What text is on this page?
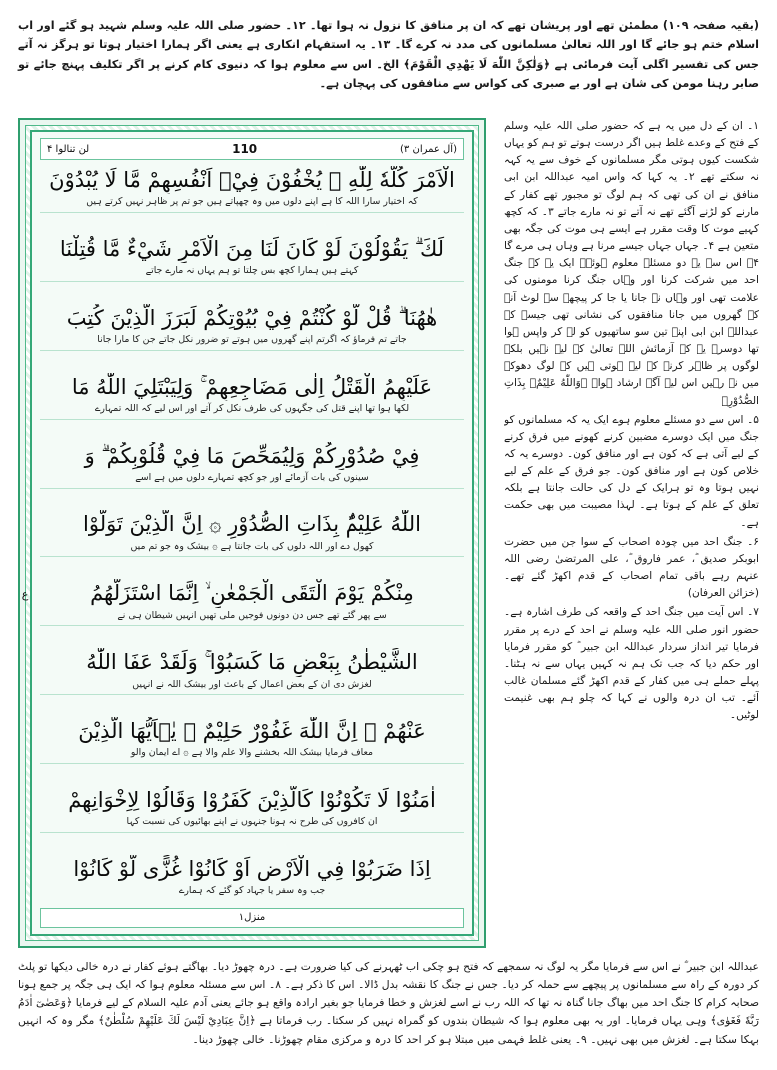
(بقیہ صفحہ ۱۰۹) مطمئن تھے اور پریشان تھے کہ ان پر منافق کا نزول نہ ہوا تھا۔ ۱۲۔ حضور صلی اللہ علیہ وسلم شہید ہو گئے اور اب اسلام ختم ہو جائے گا اور اللہ تعالیٰ مسلمانوں کی مدد نہ کرے گا۔ ۱۳۔ یہ استفہام انکاری ہے یعنی اگر ہمارا اختیار ہوتا تو ہرگز نہ آتے جس کی تفسیر اگلی آیت فرمائی ہے ﴿وَلٰكِنَّ اللّٰهَ لَا يَهْدِي الْقَوْمَ﴾ الخ۔ اس سے معلوم ہوا کہ دنیوی کام کرنے پر اگر تکلیف پہنچ جائے تو صابر رہنا مومن کی شان ہے اور بے صبری کی کواس سے منافقوں کی پہچان ہے۔
(آل عمران ۳)
110
لن تنالوا ۴
الْاَمْرَ كُلَّهٗ لِلّٰهِ ۗ يُخْفُوْنَ فِيْۤ اَنْفُسِهِمْ مَّا لَا يُبْدُوْنَ
کہ اختیار سارا اللہ کا ہے اپنے دلوں میں وہ چھپاتے ہیں جو تم پر ظاہر نہیں کرتے ہیں
لَكَ ۗ يَقُوْلُوْنَ لَوْ كَانَ لَنَا مِنَ الْاَمْرِ شَيْءٌ مَّا قُتِلْنَا
کہتے ہیں ہمارا کچھ بس چلتا تو ہم یہاں نہ مارے جاتے
هٰهُنَا ۗ قُلْ لَّوْ كُنْتُمْ فِيْ بُيُوْتِكُمْ لَبَرَزَ الَّذِيْنَ كُتِبَ
جاتے تم فرماؤ کہ اگرتم اپنے گھروں میں ہوتے تو ضرور نکل جاتے جن کا مارا جانا
عَلَيْهِمُ الْقَتْلُ اِلٰى مَضَاجِعِهِمْ ۚ وَلِيَبْتَلِيَ اللّٰهُ مَا
لکھا ہوا تھا اپنے قتل کی جگہوں کی طرف نکل کر آتے اور اس لیے کہ اللہ تمہارے
فِيْ صُدُوْرِكُمْ وَلِيُمَحِّصَ مَا فِيْ قُلُوْبِكُمْ ۗ وَ
سینوں کی بات آزمائے اور جو کچھ تمہارے دلوں میں ہے اسے
اللّٰهُ عَلِيْمٌۢ بِذَاتِ الصُّدُوْرِ ۞ اِنَّ الَّذِيْنَ تَوَلَّوْا
کھول دے اور اللہ دلوں کی بات جانتا ہے ۞ بیشک وہ جو تم میں
مِنْكُمْ يَوْمَ الْتَقَى الْجَمْعٰنِ ۙ اِنَّمَا اسْتَزَلَّهُمُ
سے پھر گئے تھے جس دن دونوں فوجیں ملی تھیں انہیں شیطان ہی نے
الشَّيْطٰنُ بِبَعْضِ مَا كَسَبُوْا ۚ وَلَقَدْ عَفَا اللّٰهُ
لغزش دی ان کے بعض اعمال کے باعث اور بیشک اللہ نے انہیں
عَنْهُمْ ۗ اِنَّ اللّٰهَ غَفُوْرٌ حَلِيْمٌ ۞ يٰۤاَيُّهَا الَّذِيْنَ
معاف فرمایا بیشک اللہ بخشنے والا علم والا ہے ۞ اے ایمان والو
اٰمَنُوْا لَا تَكُوْنُوْا كَالَّذِيْنَ كَفَرُوْا وَقَالُوْا لِاِخْوَانِهِمْ
ان کافروں کی طرح نہ ہونا جنہوں نے اپنے بھائیوں کی نسبت کہا
اِذَا ضَرَبُوْا فِي الْاَرْضِ اَوْ كَانُوْا غُزًّى لَّوْ كَانُوْا
جب وہ سفر یا جہاد کو گئے کہ ہمارے
منزل۱
ع

۱۔ ان کے دل میں یہ ہے کہ حضور صلی اللہ علیہ وسلم کے فتح کے وعدے غلط ہیں اگر درست ہوتے تو ہم کو یہاں شکست کیوں ہوتی مگر مسلمانوں کے خوف سے یہ کہہ نہ سکتے تھے ۲۔ یہ کہا کہ واس امیہ عبداللہ ابن ابی منافق نے ان کی تھی کہ ہم لوگ تو مجبور تھے کفار کے مارنے کو لڑنے آگئے تھے نہ آتے تو نہ مارے جاتے ۳۔ کہ کچھ کہیے موت کا وقت مقرر ہے ایسے ہی موت کی جگہ بھی متعین ہے ۴۔ جہاں جہاں جیسے مرنا ہے وہاں ہی مرے گا ۴۔ اس سے یہ دو مسئلے معلوم ہوئے۔ ایک یہ کہ جنگ احد میں شرکت کرنا اور وہاں جنگ کرنا مومنوں کی علامت تھی اور وہاں نہ جانا یا جا کر پیچھے سے لوٹ آنے کے گھروں میں جانا منافقوں کی نشانی تھی جیسے کہ عبداللہ ابن ابی اپنے تین سو ساتھیوں کو لے کر واپس ہوا تھا دوسرے یہ کہ آزمائش اللہ تعالیٰ کے لیے نہیں بلکہ لوگوں پر ظاہر کرنے کے لیے ہوتی ہیں کہ لوگ دھوکے میں نہ رہیں اس لیے آگے ارشاد ہوا۔ ﴿وَاللّٰهُ عَلِيْمٌۢ بِذَاتِ الصُّدُوْرِ﴾

۵۔ اس سے دو مسئلے معلوم ہوے ایک یہ کہ مسلمانوں کو جنگ میں ایک دوسرے مضبین کرنے کھونے میں فرق کرنے کے لیے آتی ہے کہ کون ہے اور منافق کون۔ دوسرے یہ کہ خلاص کون ہے اور منافق کون۔ جو فرق کے علم کے لیے نہیں ہوتا وہ تو ہرایک کے دل کی حالت جانتا ہے بلکہ تعلق کے علم کے ہوتا ہے۔ لہذا مصیبت میں بھی حکمت ہے۔

۶۔ جنگ احد میں چودہ اصحاب کے سوا جن میں حضرت ابوبکر صدیق ؓ، عمر فاروق ؓ، علی المرتضیٰ رضی اللہ عنہم رہے باقی تمام اصحاب کے قدم اکھڑ گئے تھے۔ (خزائن العرفان)

۷۔ اس آیت میں جنگ احد کے واقعہ کی طرف اشارہ ہے۔ حضور انور صلی اللہ علیہ وسلم نے احد کے درے پر مقرر فرمایا تیر انداز سردار عبداللہ ابن جبیر ؓ کو مقرر فرمایا اور حکم دیا کہ جب تک ہم نہ کہیں یہاں سے نہ ہٹنا۔ پہلے حملے ہی میں کفار کے قدم اکھڑ گئے مسلمان غالب آئے۔ تب ان درہ والوں نے کہا کہ چلو ہم بھی غنیمت لوٹیں۔

عبداللہ ابن جبیر ؓ نے اس سے فرمایا مگر یہ لوگ نہ سمجھے کہ فتح ہو چکی اب ٹھہرنے کی کیا ضرورت ہے۔ درہ چھوڑ دیا۔ بھاگتے ہوئے کفار نے درہ خالی دیکھا تو پلٹ کر دورہ کے راہ سے مسلمانوں پر پیچھے سے حملہ کر دیا۔ جس نے جنگ کا نقشہ بدل ڈالا۔ اس کا ذکر ہے۔ ۸۔ اس سے مسئلہ معلوم ہوا کہ ایک ہی جگہ پر جمع ہونا صحابہ کرام کا جنگ احد میں بھاگ جانا گناہ نہ تھا کہ اللہ رب نے اسے لغزش و خطا فرمایا جو بغیر ارادہ واقع ہو جائے یعنی آدم علیہ السلام کے لیے فرمایا ﴿وَعَصٰىٓ اٰدَمُ رَبَّهٗ فَغَوٰى﴾ وہی یہاں فرمایا۔ اور یہ بھی معلوم ہوا کہ شیطان بندوں کو گمراہ نہیں کر سکتا۔ رب فرماتا ہے ﴿اِنَّ عِبَادِيْ لَيْسَ لَكَ عَلَيْهِمْ سُلْطٰنٌ﴾ مگر وہ کہ انہیں بہکا سکتا ہے۔ لغزش میں بھی نہیں۔ ۹۔ یعنی غلط فہمی میں مبتلا ہو کر احد کا درہ و مرکزی مقام چھوڑنا۔ خالی چھوڑ دینا۔
